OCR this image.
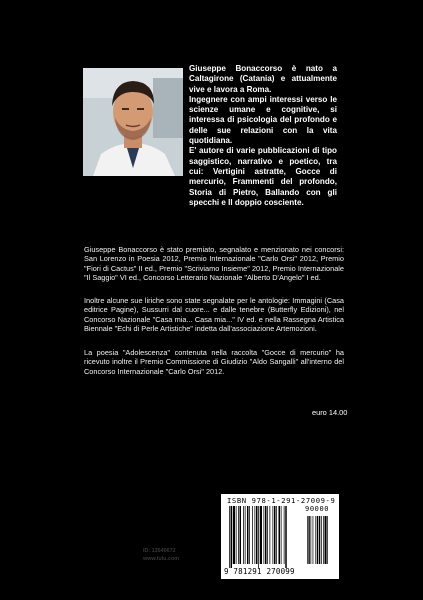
Giuseppe Bonaccorso è nato a Caltagirone (Catania) e attualmente vive e lavora a Roma.
Ingegnere con ampi interessi verso le scienze umane e cognitive, si interessa di psicologia del profondo e delle sue relazioni con la vita quotidiana.
E' autore di varie pubblicazioni di tipo saggistico, narrativo e poetico, tra cui: Vertigini astratte, Gocce di mercurio, Frammenti del profondo, Storia di Pietro, Ballando con gli specchi e Il doppio cosciente.
Giuseppe Bonaccorso è stato premiato, segnalato e menzionato nei concorsi: San Lorenzo in Poesia 2012, Premio Internazionale "Carlo Orsi" 2012, Premio "Fiori di Cactus" II ed., Premio "Scriviamo Insieme" 2012, Premio Internazionale "Il Saggio" VI ed., Concorso Letterario Nazionale "Alberto D'Angelo" I ed.
Inoltre alcune sue liriche sono state segnalate per le antologie: Immagini (Casa editrice Pagine), Sussurri dal cuore... e dalle tenebre (Butterfly Edizioni), nel Concorso Nazionale "Casa mia... Casa mia..." IV ed. e nella Rassegna Artistica Biennale "Echi di Perle Artistiche" indetta dall'associazione Artemozioni.
La poesia "Adolescenza" contenuta nella raccolta "Gocce di mercurio" ha ricevuto inoltre il Premio Commissione di Giudizio "Aldo Sangalli" all'interno del Concorso Internazionale "Carlo Orsi" 2012.
euro 14.00
ID: 13540672
www.lulu.com
ISBN 978-1-291-27009-9
90000
9 781291 270099
